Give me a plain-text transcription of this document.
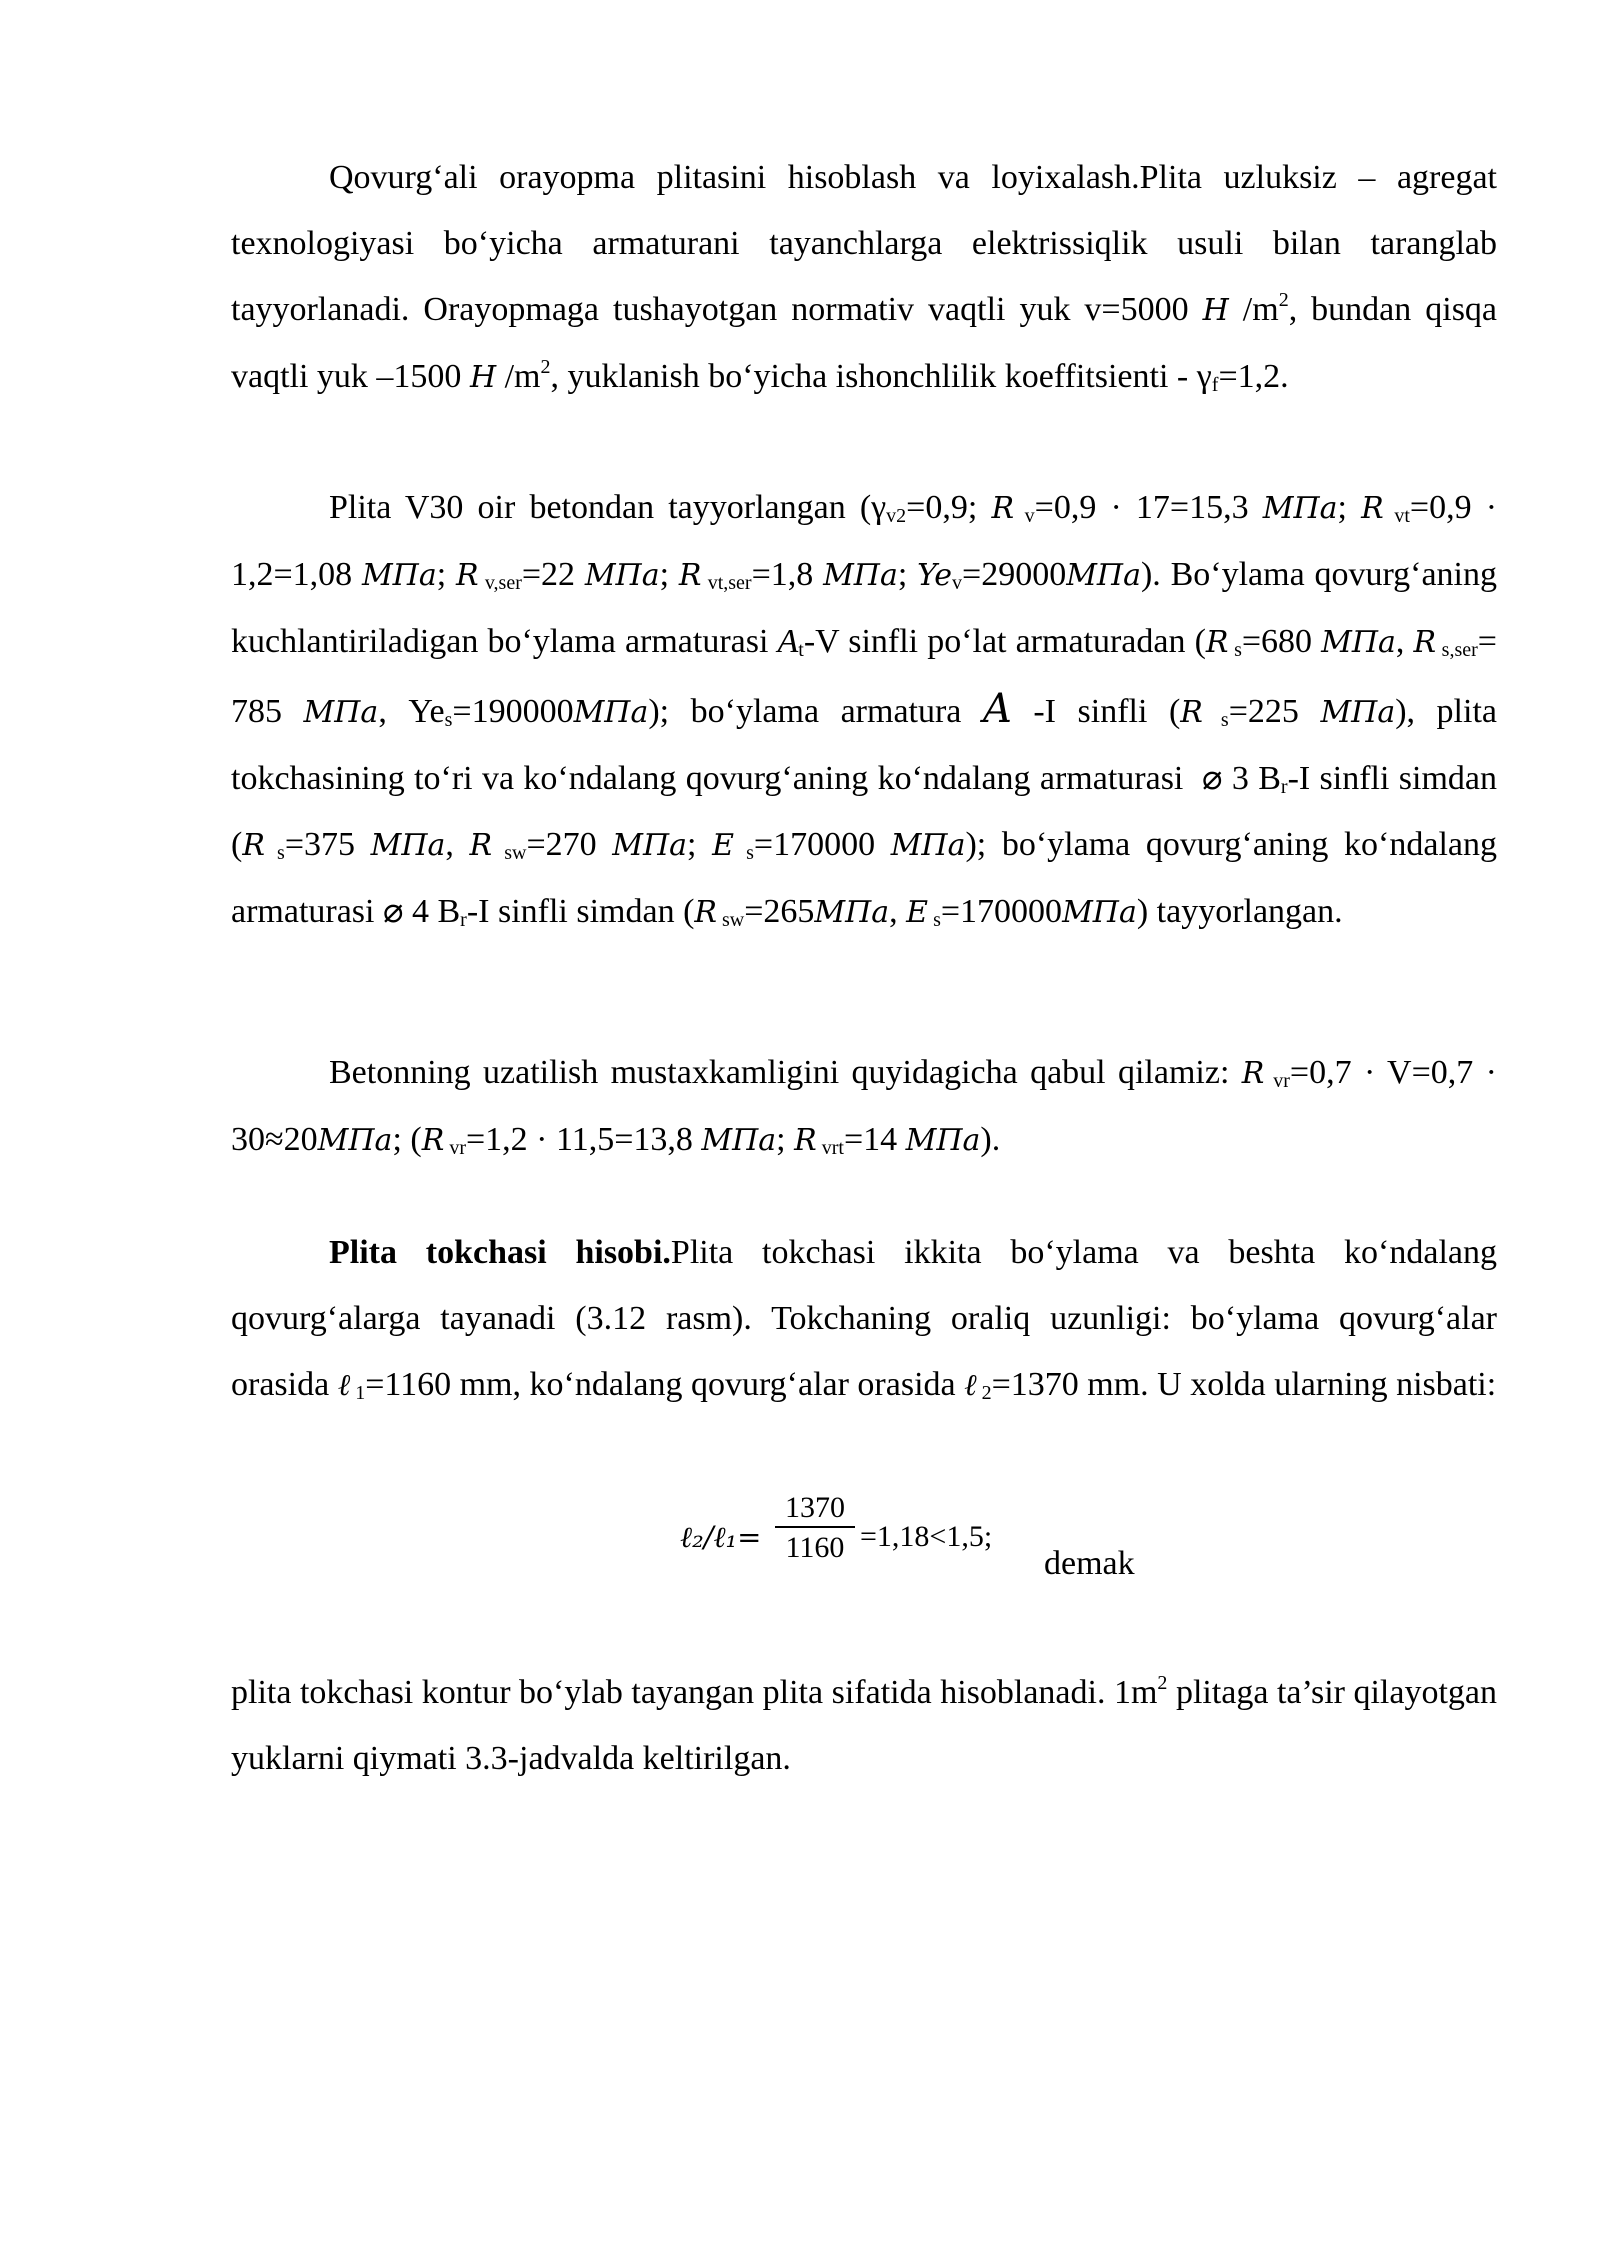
Qovurg‘ali orayopma plitasini hisoblash va loyixalash.Plita uzluksiz – agregat texnologiyasi bo‘yicha armaturani tayanchlarga elektrissiqlik usuli bilan taranglab tayyorlanadi. Orayopmaga tushayotgan normativ vaqtli yuk v=5000 Н $/m^2$, bundan qisqa vaqtli yuk –1500 Н $/m^2$, yuklanish bo‘yicha ishonchlilik koeffitsienti - $\gamma_f=1,2$.

Plita V30 oir betondan tayyorlangan ($\gamma_{v2}=0,9$; R $_v$=0,9 · 17=15,3 МПа; R $_{vt}$=0,9 · 1,2=1,08 МПа; R $_{v,ser}$=22 МПа; R $_{vt,ser}$=1,8 МПа; $Ye_v=29000МПа$). Bo‘ylama qovurg‘aning kuchlantiriladigan bo‘ylama armaturasi $A_t-V$ sinfli po‘lat armaturadan (R $_s$=680 МПа, R $_{s,ser}$= 785 МПа, $Ye_s=190000МПа$); bo‘ylama armatura A -I sinfli (R $_s$=225 МПа), plita tokchasining to‘ri va ko‘ndalang qovurg‘aning ko‘ndalang armaturasi  ⌀ 3 $B_r-I$ sinfli simdan (R $_s$=375 МПа, R $_{sw}$=270 МПа; E $_s$=170000 МПа); bo‘ylama qovurg‘aning ko‘ndalang armaturasi ⌀ 4 $B_r-I$ sinfli simdan (R $_{sw}$=265МПа, E $_s$=170000МПа) tayyorlangan.

Betonning uzatilish mustaxkamligini quyidagicha qabul qilamiz: R $_{vr}$=0,7 · V=0,7 · 30≈20МПа; (R $_{vr}$=1,2 · 11,5=13,8 МПа; R $_{vrt}$=14 МПа).

Plita tokchasi hisobi.Plita tokchasi ikkita bo‘ylama va beshta ko‘ndalang qovurg‘alarga tayanadi (3.12 rasm). Tokchaning oraliq uzunligi: bo‘ylama qovurg‘alar orasida ℓ $_1$=1160 mm, ko‘ndalang qovurg‘alar orasida ℓ $_2$=1370 mm. U xolda ularning nisbati:

ℓ₂/ℓ₁= $\frac{1370}{1160} =1,18<1,5$;
demak

plita tokchasi kontur bo‘ylab tayangan plita sifatida hisoblanadi. $1m^2$ plitaga ta’sir qilayotgan yuklarni qiymati 3.3-jadvalda keltirilgan.
